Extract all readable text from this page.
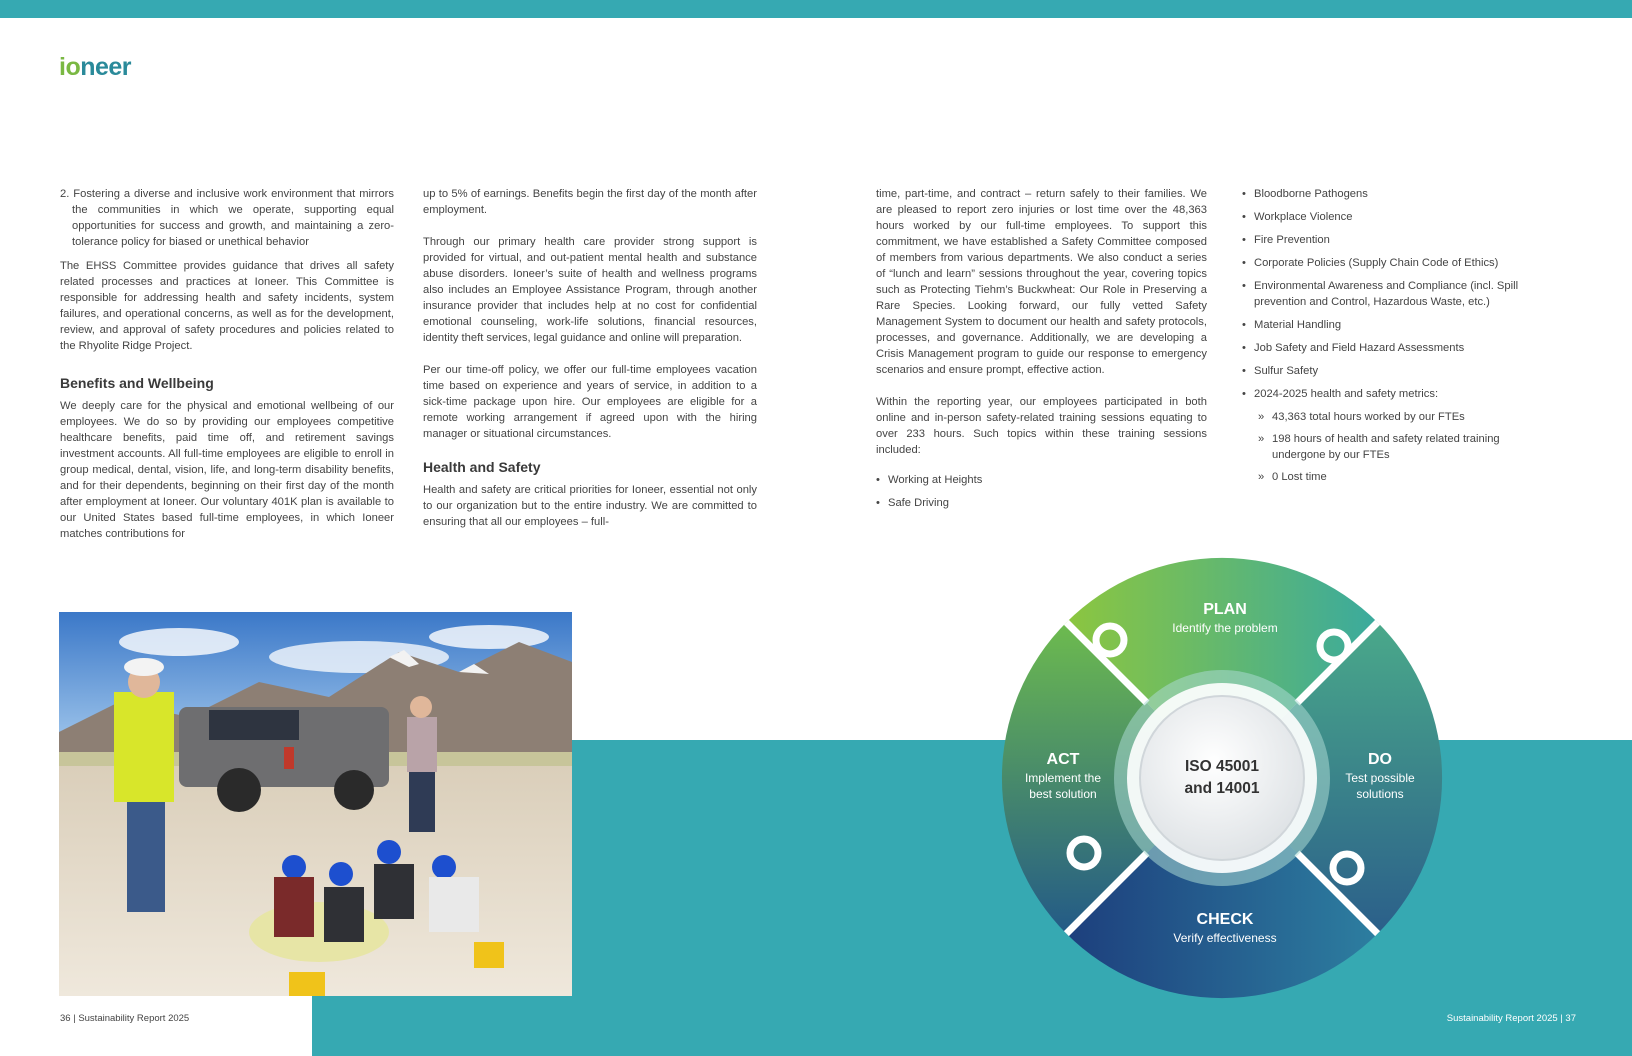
ioneer

2. Fostering a diverse and inclusive work environment that mirrors the communities in which we operate, supporting equal opportunities for success and growth, and maintaining a zero-tolerance policy for biased or unethical behavior

The EHSS Committee provides guidance that drives all safety related processes and practices at Ioneer. This Committee is responsible for addressing health and safety incidents, system failures, and operational concerns, as well as for the development, review, and approval of safety procedures and policies related to the Rhyolite Ridge Project.

Benefits and Wellbeing

We deeply care for the physical and emotional wellbeing of our employees. We do so by providing our employees competitive healthcare benefits, paid time off, and retirement savings investment accounts. All full-time employees are eligible to enroll in group medical, dental, vision, life, and long-term disability benefits, and for their dependents, beginning on their first day of the month after employment at Ioneer. Our voluntary 401K plan is available to our United States based full-time employees, in which Ioneer matches contributions for

up to 5% of earnings. Benefits begin the first day of the month after employment.

Through our primary health care provider strong support is provided for virtual, and out-patient mental health and substance abuse disorders. Ioneer’s suite of health and wellness programs also includes an Employee Assistance Program, through another insurance provider that includes help at no cost for confidential emotional counseling, work-life solutions, financial resources, identity theft services, legal guidance and online will preparation.

Per our time-off policy, we offer our full-time employees vacation time based on experience and years of service, in addition to a sick-time package upon hire. Our employees are eligible for a remote working arrangement if agreed upon with the hiring manager or situational circumstances.

Health and Safety

Health and safety are critical priorities for Ioneer, essential not only to our organization but to the entire industry. We are committed to ensuring that all our employees – full-

time, part-time, and contract – return safely to their families. We are pleased to report zero injuries or lost time over the 48,363 hours worked by our full-time employees. To support this commitment, we have established a Safety Committee composed of members from various departments. We also conduct a series of “lunch and learn” sessions throughout the year, covering topics such as Protecting Tiehm’s Buckwheat: Our Role in Preserving a Rare Species. Looking forward, our fully vetted Safety Management System to document our health and safety protocols, processes, and governance. Additionally, we are developing a Crisis Management program to guide our response to emergency scenarios and ensure prompt, effective action.

Within the reporting year, our employees participated in both online and in-person safety-related training sessions equating to over 233 hours. Such topics within these training sessions included:

• Working at Heights
• Safe Driving
• Bloodborne Pathogens
• Workplace Violence
• Fire Prevention
• Corporate Policies (Supply Chain Code of Ethics)
• Environmental Awareness and Compliance (incl. Spill prevention and Control, Hazardous Waste, etc.)
• Material Handling
• Job Safety and Field Hazard Assessments
• Sulfur Safety
• 2024-2025 health and safety metrics:
» 43,363 total hours worked by our FTEs
» 198 hours of health and safety related training undergone by our FTEs
» 0 Lost time
PLAN
Identify the problem
DO
Test possible
solutions
CHECK
Verify effectiveness
ACT
Implement the
best solution
ISO 45001
and 14001
36 | Sustainability Report 2025	Sustainability Report 2025 | 37
